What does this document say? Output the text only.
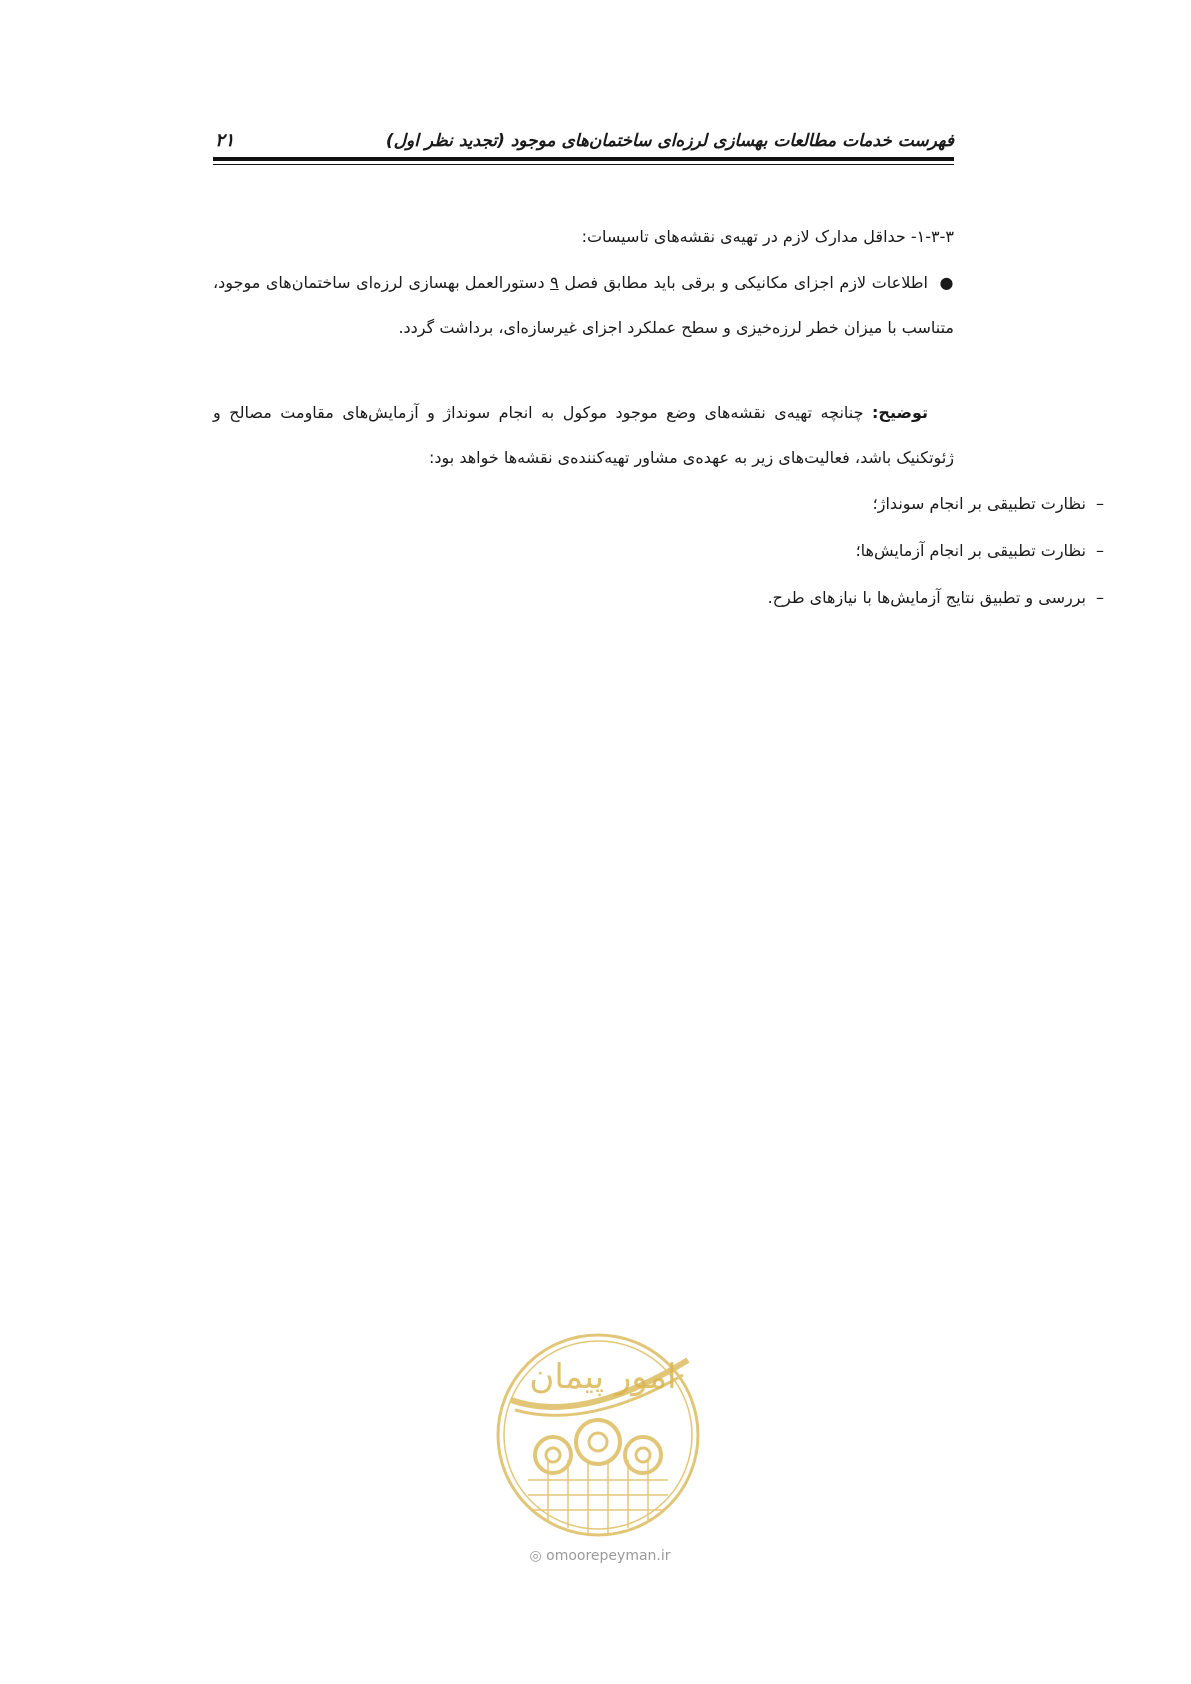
فهرست خدمات مطالعات بهسازی لرزه‌ای ساختمان‌های موجود (تجدید نظر اول)
۲۱
۱-۳-۳- حداقل مدارک لازم در تهیه‌ی نقشه‌های تاسیسات:
● اطلاعات لازم اجزای مکانیکی و برقی باید مطابق فصل ۹ دستورالعمل بهسازی لرزه‌ای ساختمان‌های موجود، متناسب با میزان خطر لرزه‌خیزی و سطح عملکرد اجزای غیرسازه‌ای، برداشت گردد.
توضیح: چنانچه تهیه‌ی نقشه‌های وضع موجود موکول به انجام سونداژ و آزمایش‌های مقاومت مصالح و ژئوتکنیک باشد، فعالیت‌های زیر به عهده‌ی مشاور تهیه‌کننده‌ی نقشه‌ها خواهد بود:
–نظارت تطبیقی بر انجام سونداژ؛
–نظارت تطبیقی بر انجام آزمایش‌ها؛
–بررسی و تطبیق نتایج آزمایش‌ها با نیازهای طرح.
امور پیمان
◎ omoorepeyman.ir
